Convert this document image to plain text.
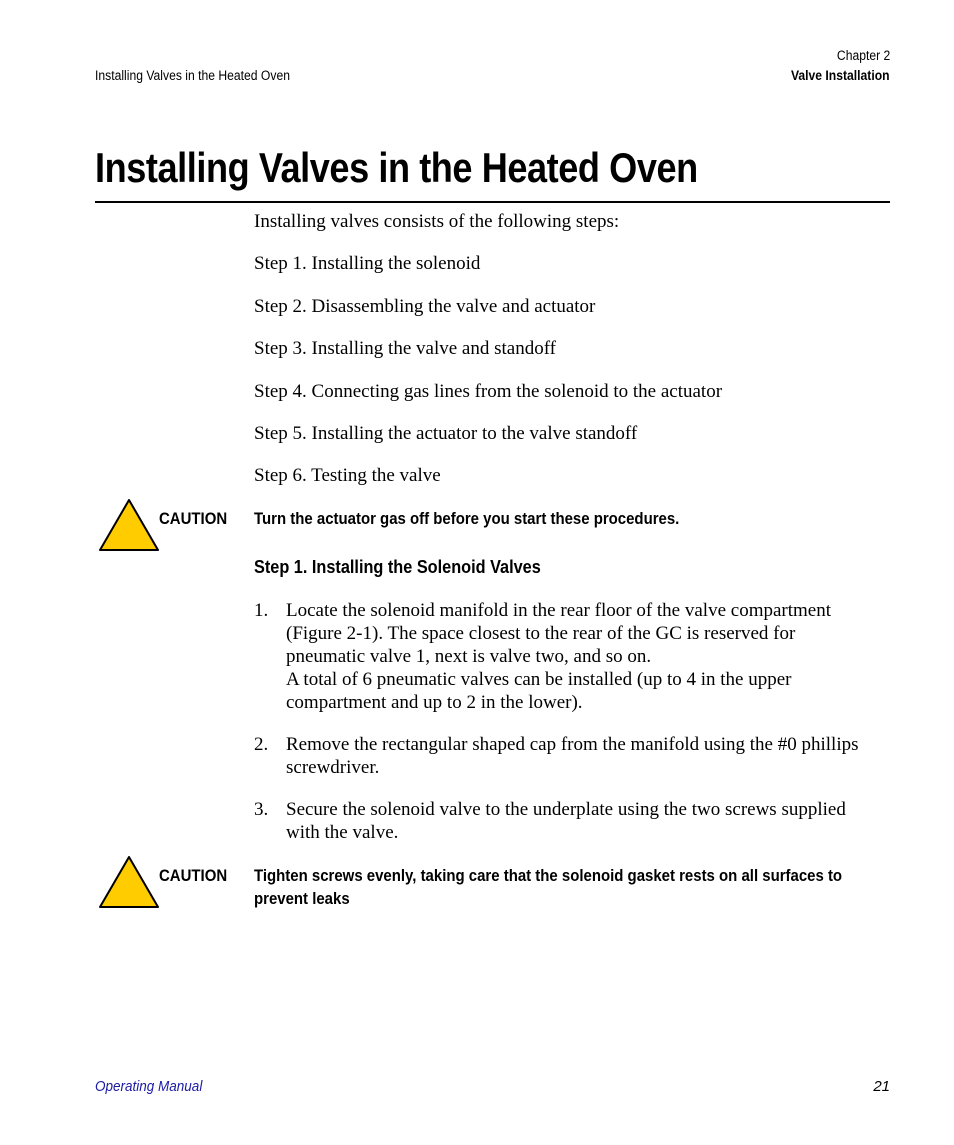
Installing Valves in the Heated Oven
Chapter 2
Valve Installation
Installing Valves in the Heated Oven
Installing valves consists of the following steps:
Step 1. Installing the solenoid
Step 2. Disassembling the valve and actuator
Step 3. Installing the valve and standoff
Step 4. Connecting gas lines from the solenoid to the actuator
Step 5. Installing the actuator to the valve standoff
Step 6. Testing the valve
CAUTION Turn the actuator gas off before you start these procedures.
Step 1. Installing the Solenoid Valves
1. Locate the solenoid manifold in the rear floor of the valve compartment
(Figure 2-1). The space closest to the rear of the GC is reserved for
pneumatic valve 1, next is valve two, and so on.
A total of 6 pneumatic valves can be installed (up to 4 in the upper
compartment and up to 2 in the lower).
2. Remove the rectangular shaped cap from the manifold using the #0 phillips
screwdriver.
3. Secure the solenoid valve to the underplate using the two screws supplied
with the valve.
CAUTION Tighten screws evenly, taking care that the solenoid gasket rests on all surfaces to
prevent leaks
Operating Manual	21
